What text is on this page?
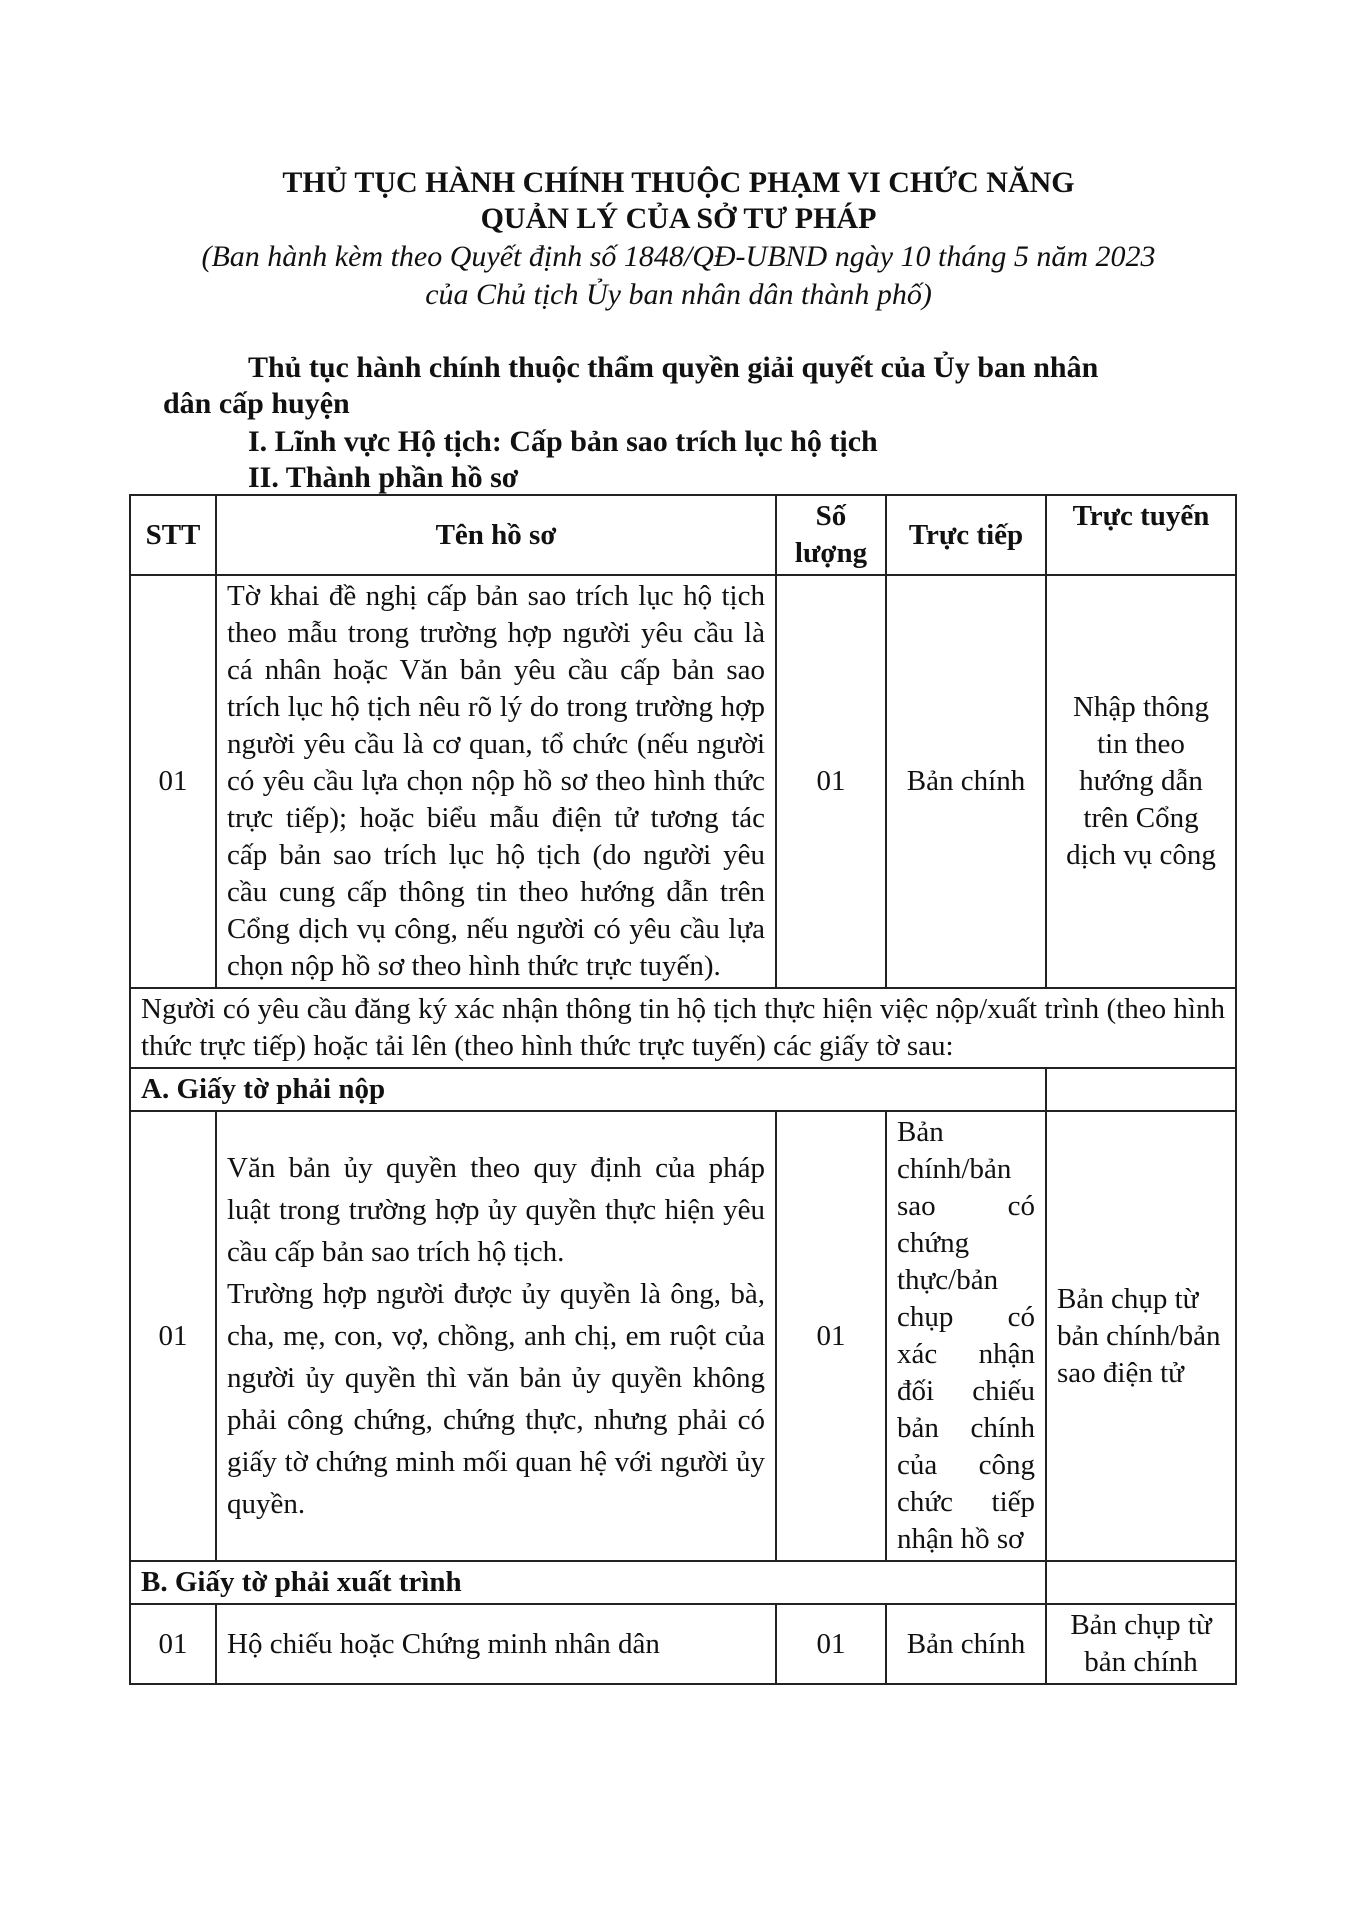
THỦ TỤC HÀNH CHÍNH THUỘC PHẠM VI CHỨC NĂNG
QUẢN LÝ CỦA SỞ TƯ PHÁP
(Ban hành kèm theo Quyết định số 1848/QĐ-UBND ngày 10 tháng 5 năm 2023
của Chủ tịch Ủy ban nhân dân thành phố)
Thủ tục hành chính thuộc thẩm quyền giải quyết của Ủy ban nhân
dân cấp huyện
I. Lĩnh vực Hộ tịch: Cấp bản sao trích lục hộ tịch
II. Thành phần hồ sơ
STT	Tên hồ sơ	Số lượng	Trực tiếp	Trực tuyến
01	Tờ khai đề nghị cấp bản sao trích lục hộ tịch theo mẫu trong trường hợp người yêu cầu là cá nhân hoặc Văn bản yêu cầu cấp bản sao trích lục hộ tịch nêu rõ lý do trong trường hợp người yêu cầu là cơ quan, tổ chức (nếu người có yêu cầu lựa chọn nộp hồ sơ theo hình thức trực tiếp); hoặc biểu mẫu điện tử tương tác cấp bản sao trích lục hộ tịch (do người yêu cầu cung cấp thông tin theo hướng dẫn trên Cổng dịch vụ công, nếu người có yêu cầu lựa chọn nộp hồ sơ theo hình thức trực tuyến).	01	Bản chính	Nhập thông tin theo hướng dẫn trên Cổng dịch vụ công
Người có yêu cầu đăng ký xác nhận thông tin hộ tịch thực hiện việc nộp/xuất trình (theo hình thức trực tiếp) hoặc tải lên (theo hình thức trực tuyến) các giấy tờ sau:				
A. Giấy tờ phải nộp				
01	Văn bản ủy quyền theo quy định của pháp luật trong trường hợp ủy quyền thực hiện yêu cầu cấp bản sao trích hộ tịch.
Trường hợp người được ủy quyền là ông, bà, cha, mẹ, con, vợ, chồng, anh chị, em ruột của người ủy quyền thì văn bản ủy quyền không phải công chứng, chứng thực, nhưng phải có giấy tờ chứng minh mối quan hệ với người ủy quyền.	01	Bản chính/bản sao có chứng thực/bản chụp có xác nhận đối chiếu bản chính của công chức tiếp nhận hồ sơ	Bản chụp từ bản chính/bản sao điện tử
B. Giấy tờ phải xuất trình				
01	Hộ chiếu hoặc Chứng minh nhân dân	01	Bản chính	Bản chụp từ bản chính
